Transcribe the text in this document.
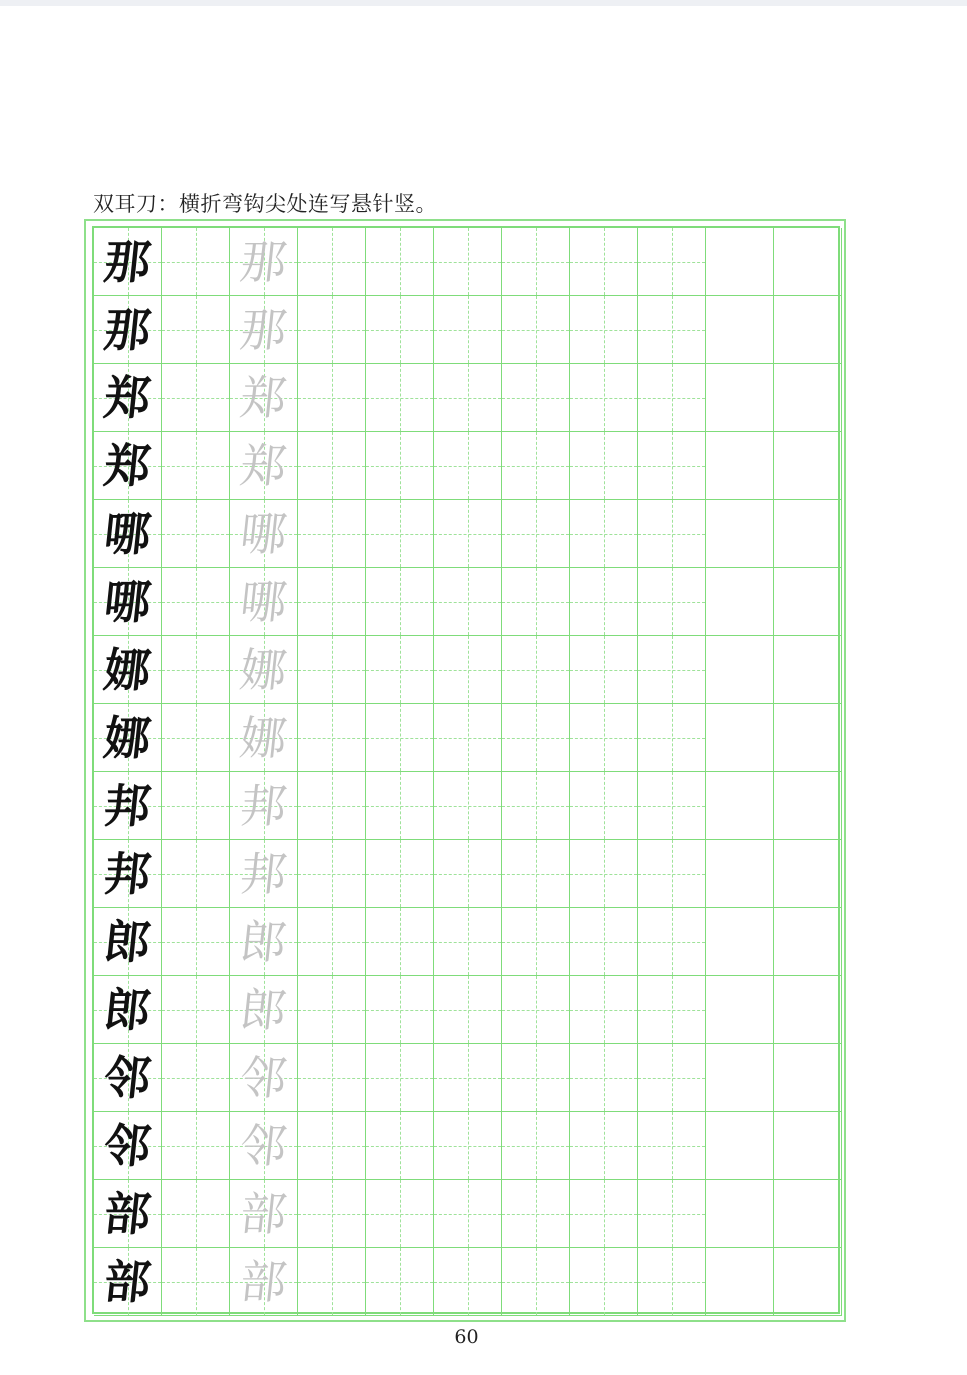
双耳刀：横折弯钩尖处连写悬针竖。
那 那
那 那
郑 郑
郑 郑
哪 哪
哪 哪
娜 娜
娜 娜
邦 邦
邦 邦
郎 郎
郎 郎
邻 邻
邻 邻
部 部
部 部
60
